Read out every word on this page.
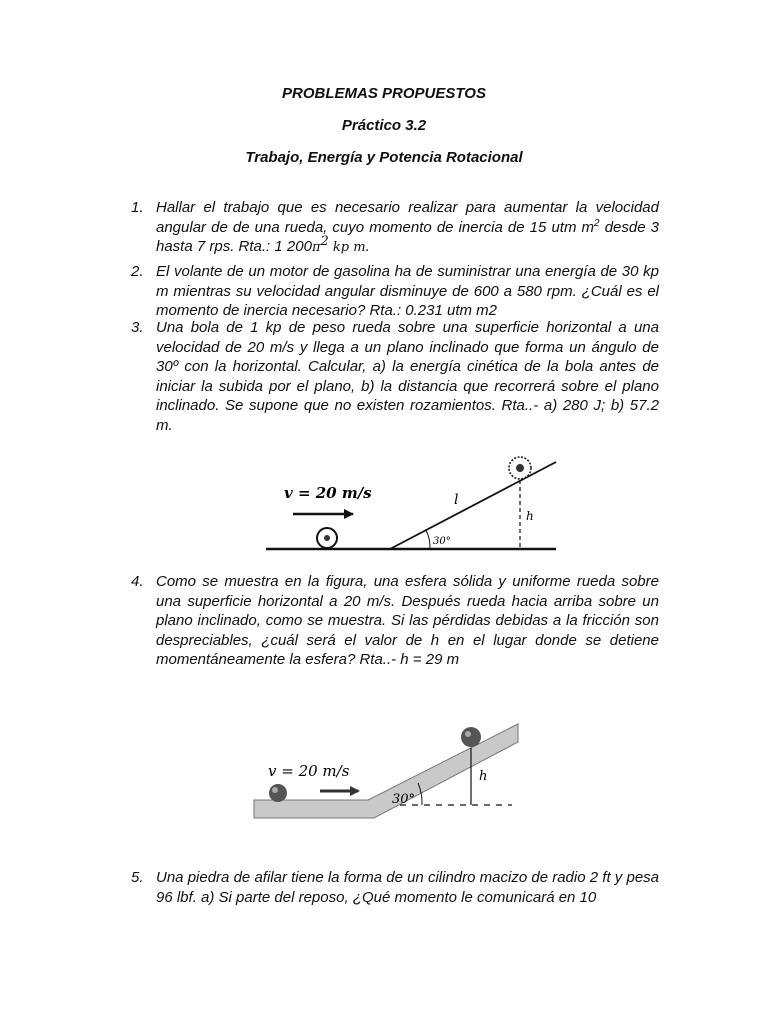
PROBLEMAS PROPUESTOS
Práctico 3.2
Trabajo, Energía y Potencia Rotacional
1. Hallar el trabajo que es necesario realizar para aumentar la velocidad angular de de una rueda, cuyo momento de inercia de 15 utm $m^2$ desde 3 hasta 7 rps. Rta.: 1 $200\pi^2$ kp m.
2. El volante de un motor de gasolina ha de suministrar una energía de 30 kp m mientras su velocidad angular disminuye de 600 a 580 rpm. ¿Cuál es el momento de inercia necesario? Rta.: 0.231 utm m2
3. Una bola de 1 kp de peso rueda sobre una superficie horizontal a una velocidad de 20 m/s y llega a un plano inclinado que forma un ángulo de 30º con la horizontal. Calcular, a) la energía cinética de la bola antes de iniciar la subida por el plano, b) la distancia que recorrerá sobre el plano inclinado. Se supone que no existen rozamientos. Rta..- a) 280 J; b) 57.2 m.
v = 20 m/s	l
h
30°
4. Como se muestra en la figura, una esfera sólida y uniforme rueda sobre una superficie horizontal a 20 m/s. Después rueda hacia arriba sobre un plano inclinado, como se muestra. Si las pérdidas debidas a la fricción son despreciables, ¿cuál será el valor de h en el lugar donde se detiene momentáneamente la esfera? Rta..- h = 29 m
v = 20 m/s	h
30°
5. Una piedra de afilar tiene la forma de un cilindro macizo de radio 2 ft y pesa 96 lbf. a) Si parte del reposo, ¿Qué momento le comunicará en 10
